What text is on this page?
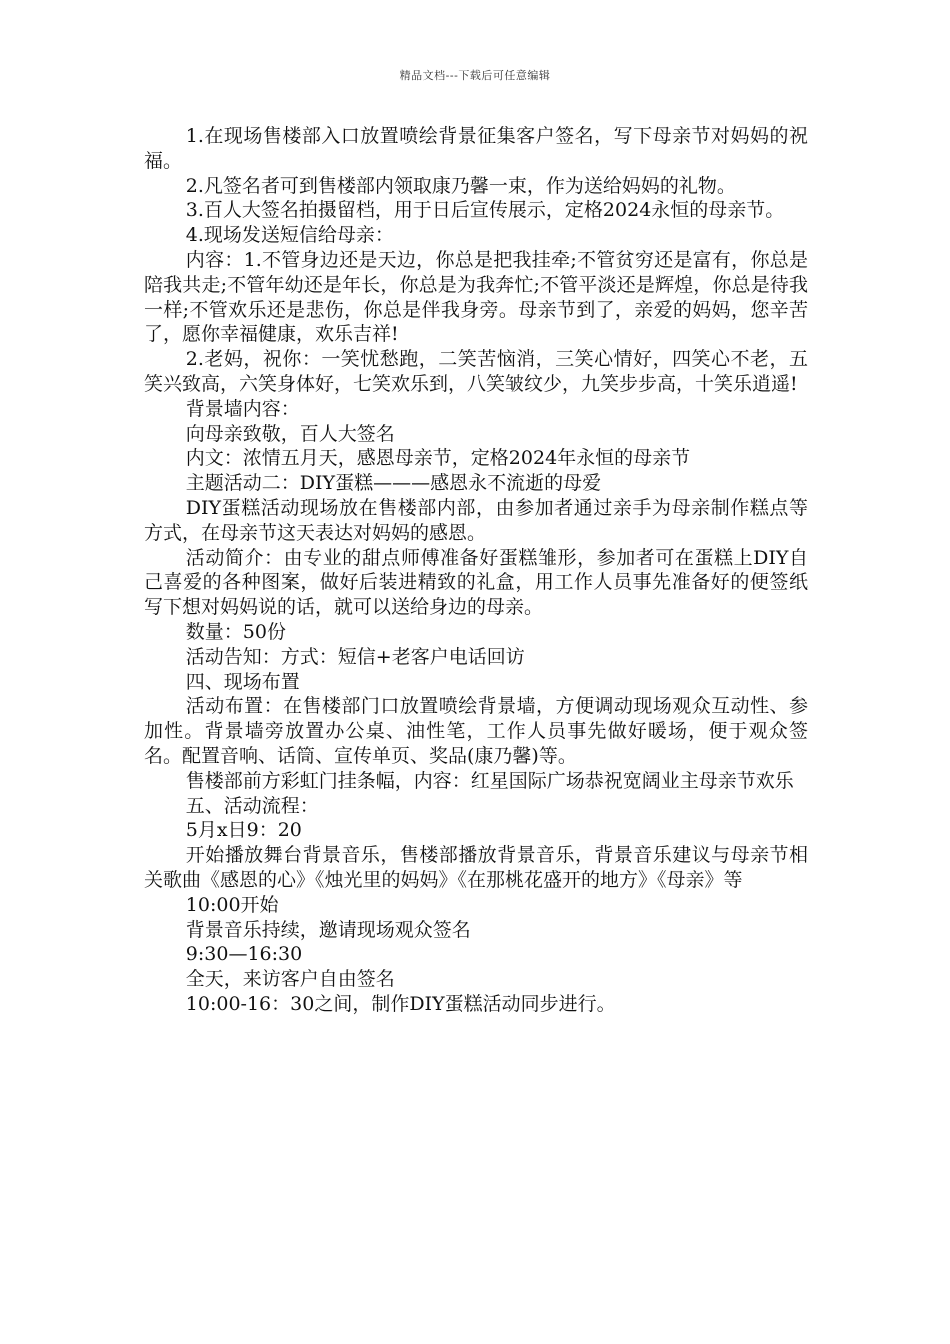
精品文档---下载后可任意编辑

1.在现场售楼部入口放置喷绘背景征集客户签名，写下母亲节对妈妈的祝福。

2.凡签名者可到售楼部内领取康乃馨一束，作为送给妈妈的礼物。

3.百人大签名拍摄留档，用于日后宣传展示，定格2024永恒的母亲节。

4.现场发送短信给母亲：

内容：1.不管身边还是天边，你总是把我挂牵;不管贫穷还是富有，你总是陪我共走;不管年幼还是年长，你总是为我奔忙;不管平淡还是辉煌，你总是待我一样;不管欢乐还是悲伤，你总是伴我身旁。母亲节到了，亲爱的妈妈，您辛苦了，愿你幸福健康，欢乐吉祥!

2.老妈，祝你：一笑忧愁跑，二笑苦恼消，三笑心情好，四笑心不老，五笑兴致高，六笑身体好，七笑欢乐到，八笑皱纹少，九笑步步高，十笑乐逍遥!

背景墙内容：

向母亲致敬，百人大签名

内文：浓情五月天，感恩母亲节，定格2024年永恒的母亲节

主题活动二：DIY蛋糕———感恩永不流逝的母爱

DIY蛋糕活动现场放在售楼部内部，由参加者通过亲手为母亲制作糕点等方式，在母亲节这天表达对妈妈的感恩。

活动简介：由专业的甜点师傅准备好蛋糕雏形，参加者可在蛋糕上DIY自己喜爱的各种图案，做好后装进精致的礼盒，用工作人员事先准备好的便签纸写下想对妈妈说的话，就可以送给身边的母亲。

数量：50份

活动告知：方式：短信+老客户电话回访

四、现场布置

活动布置：在售楼部门口放置喷绘背景墙，方便调动现场观众互动性、参加性。背景墙旁放置办公桌、油性笔，工作人员事先做好暖场，便于观众签名。配置音响、话筒、宣传单页、奖品(康乃馨)等。

售楼部前方彩虹门挂条幅，内容：红星国际广场恭祝宽阔业主母亲节欢乐

五、活动流程：

5月x日9：20

开始播放舞台背景音乐，售楼部播放背景音乐，背景音乐建议与母亲节相关歌曲《感恩的心》《烛光里的妈妈》《在那桃花盛开的地方》《母亲》等

10:00开始

背景音乐持续，邀请现场观众签名

9:30—16:30

全天，来访客户自由签名

10:00-16：30之间，制作DIY蛋糕活动同步进行。
